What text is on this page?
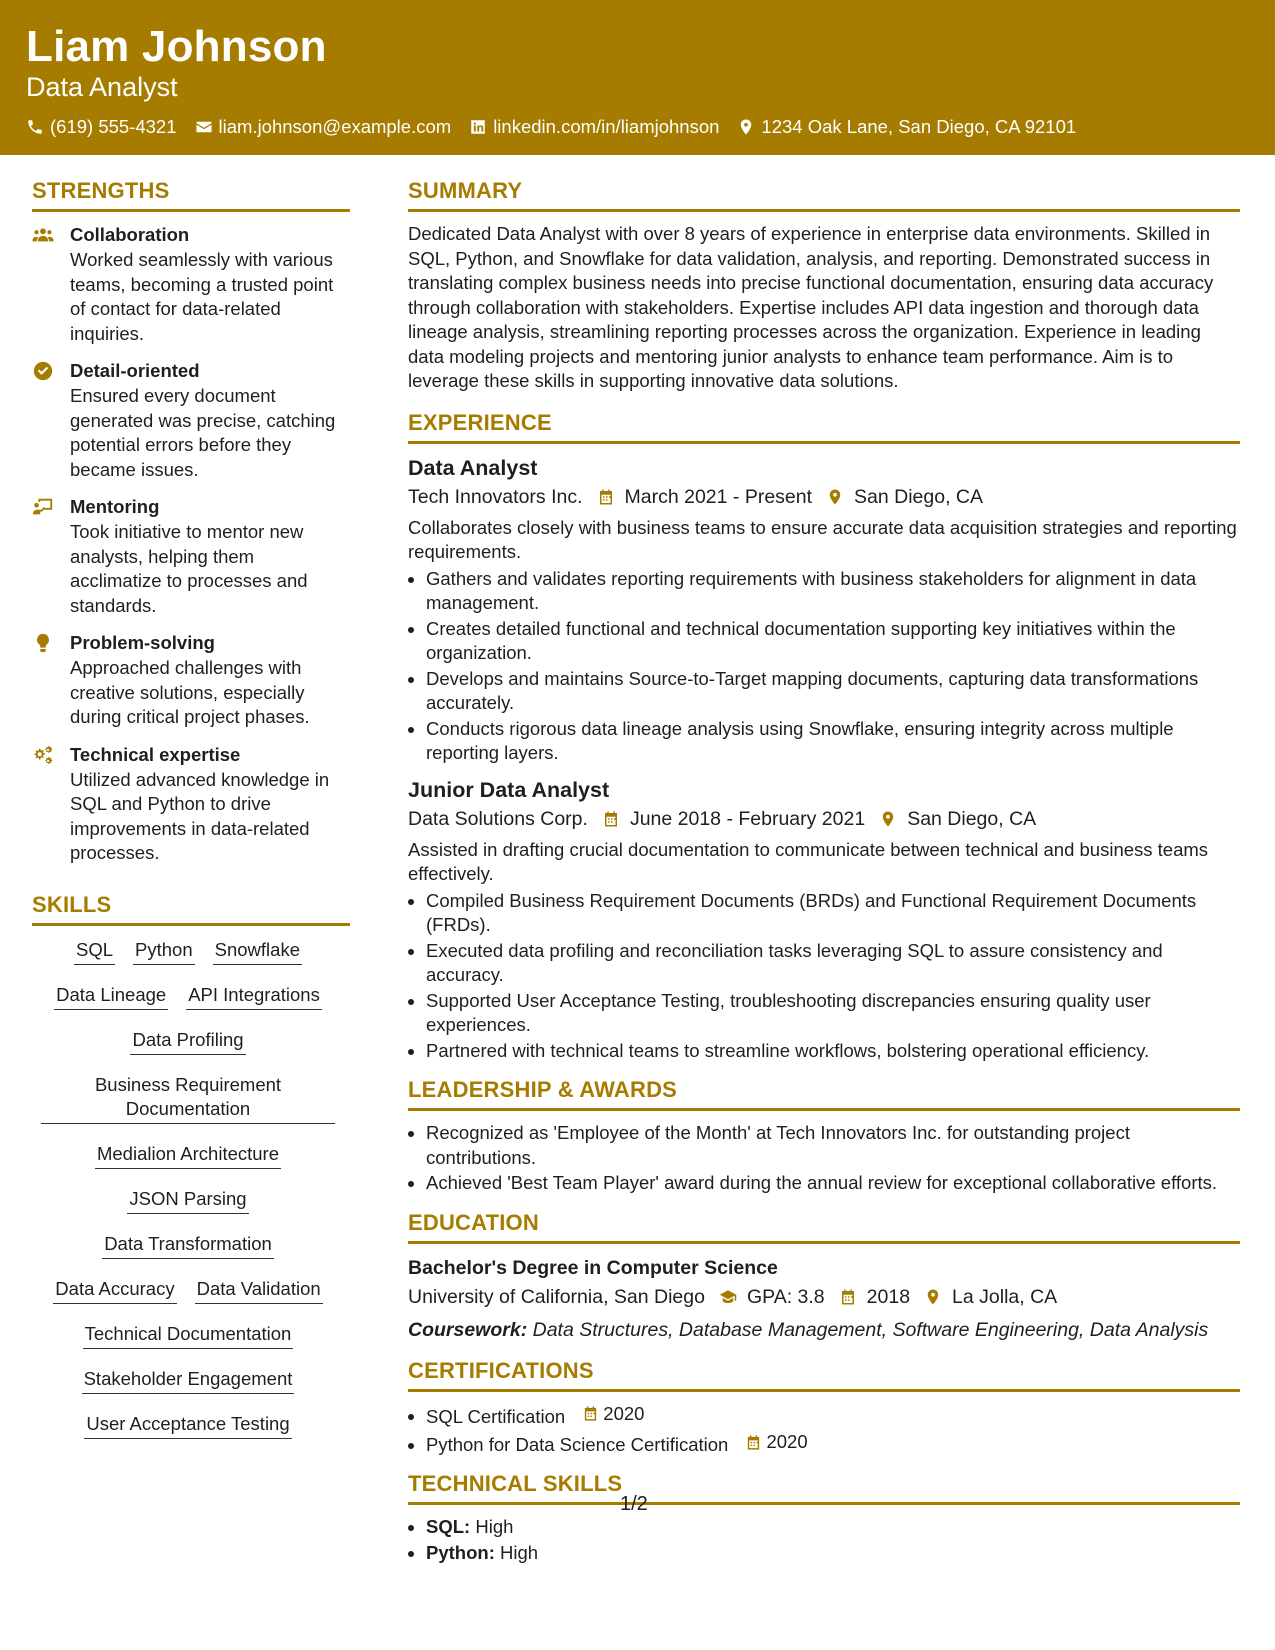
Liam Johnson
Data Analyst
(619) 555-4321 liam.johnson@example.com linkedin.com/in/liamjohnson 1234 Oak Lane, San Diego, CA 92101
STRENGTHS
Collaboration
Worked seamlessly with various teams, becoming a trusted point of contact for data-related inquiries.
Detail-oriented
Ensured every document generated was precise, catching potential errors before they became issues.
Mentoring
Took initiative to mentor new analysts, helping them acclimatize to processes and standards.
Problem-solving
Approached challenges with creative solutions, especially during critical project phases.
Technical expertise
Utilized advanced knowledge in SQL and Python to drive improvements in data-related processes.
SKILLS
SQL Python Snowflake
Data Lineage API Integrations
Data Profiling
Business Requirement Documentation
Medialion Architecture
JSON Parsing
Data Transformation
Data Accuracy Data Validation
Technical Documentation
Stakeholder Engagement
User Acceptance Testing
SUMMARY

Dedicated Data Analyst with over 8 years of experience in enterprise data environments. Skilled in SQL, Python, and Snowflake for data validation, analysis, and reporting. Demonstrated success in translating complex business needs into precise functional documentation, ensuring data accuracy through collaboration with stakeholders. Expertise includes API data ingestion and thorough data lineage analysis, streamlining reporting processes across the organization. Experience in leading data modeling projects and mentoring junior analysts to enhance team performance. Aim is to leverage these skills in supporting innovative data solutions.

EXPERIENCE
Data Analyst
Tech Innovators Inc. March 2021 - Present San Diego, CA

Collaborates closely with business teams to ensure accurate data acquisition strategies and reporting requirements.

• Gathers and validates reporting requirements with business stakeholders for alignment in data management.
• Creates detailed functional and technical documentation supporting key initiatives within the organization.
• Develops and maintains Source-to-Target mapping documents, capturing data transformations accurately.
• Conducts rigorous data lineage analysis using Snowflake, ensuring integrity across multiple reporting layers.
Junior Data Analyst
Data Solutions Corp. June 2018 - February 2021 San Diego, CA

Assisted in drafting crucial documentation to communicate between technical and business teams effectively.

• Compiled Business Requirement Documents (BRDs) and Functional Requirement Documents (FRDs).
• Executed data profiling and reconciliation tasks leveraging SQL to assure consistency and accuracy.
• Supported User Acceptance Testing, troubleshooting discrepancies ensuring quality user experiences.
• Partnered with technical teams to streamline workflows, bolstering operational efficiency.
LEADERSHIP & AWARDS
• Recognized as 'Employee of the Month' at Tech Innovators Inc. for outstanding project contributions.
• Achieved 'Best Team Player' award during the annual review for exceptional collaborative efforts.
EDUCATION
Bachelor's Degree in Computer Science
University of California, San Diego GPA: 3.8 2018 La Jolla, CA
Coursework: Data Structures, Database Management, Software Engineering, Data Analysis
CERTIFICATIONS
• SQL Certification 2020
• Python for Data Science Certification 2020
TECHNICAL SKILLS
• SQL: High
• Python: High
1/2
